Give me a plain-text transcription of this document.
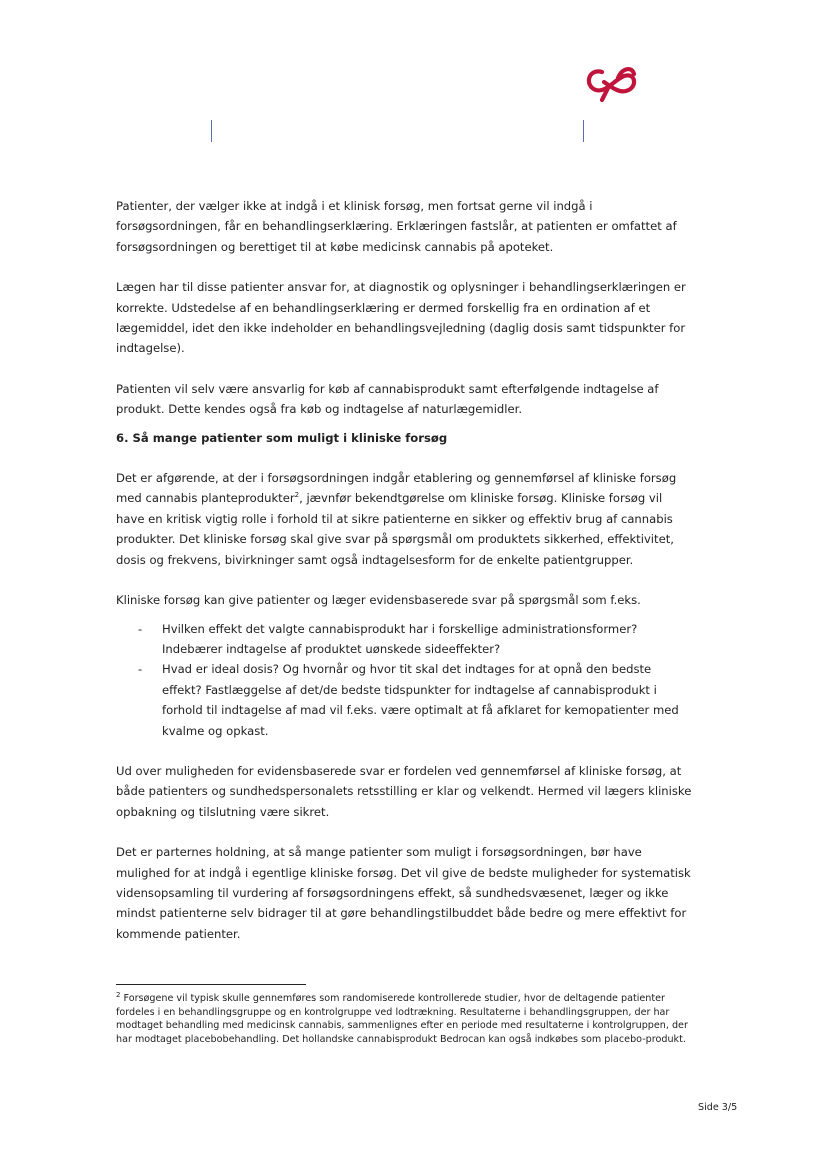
Patienter, der vælger ikke at indgå i et klinisk forsøg, men fortsat gerne vil indgå i forsøgsordningen, får en behandlingserklæring. Erklæringen fastslår, at patienten er omfattet af forsøgsordningen og berettiget til at købe medicinsk cannabis på apoteket.

Lægen har til disse patienter ansvar for, at diagnostik og oplysninger i behandlingserklæringen er korrekte. Udstedelse af en behandlingserklæring er dermed forskellig fra en ordination af et lægemiddel, idet den ikke indeholder en behandlingsvejledning (daglig dosis samt tidspunkter for indtagelse).

Patienten vil selv være ansvarlig for køb af cannabisprodukt samt efterfølgende indtagelse af produkt. Dette kendes også fra køb og indtagelse af naturlægemidler.

6. Så mange patienter som muligt i kliniske forsøg

Det er afgørende, at der i forsøgsordningen indgår etablering og gennemførsel af kliniske forsøg med cannabis planteprodukter$^2$, jævnfør bekendtgørelse om kliniske forsøg. Kliniske forsøg vil have en kritisk vigtig rolle i forhold til at sikre patienterne en sikker og effektiv brug af cannabis produkter. Det kliniske forsøg skal give svar på spørgsmål om produktets sikkerhed, effektivitet, dosis og frekvens, bivirkninger samt også indtagelsesform for de enkelte patientgrupper.

Kliniske forsøg kan give patienter og læger evidensbaserede svar på spørgsmål som f.eks.

- Hvilken effekt det valgte cannabisprodukt har i forskellige administrationsformer? Indebærer indtagelse af produktet uønskede sideeffekter?
- Hvad er ideal dosis? Og hvornår og hvor tit skal det indtages for at opnå den bedste effekt? Fastlæggelse af det/de bedste tidspunkter for indtagelse af cannabisprodukt i forhold til indtagelse af mad vil f.eks. være optimalt at få afklaret for kemopatienter med kvalme og opkast.

Ud over muligheden for evidensbaserede svar er fordelen ved gennemførsel af kliniske forsøg, at både patienters og sundhedspersonalets retsstilling er klar og velkendt. Hermed vil lægers kliniske opbakning og tilslutning være sikret.

Det er parternes holdning, at så mange patienter som muligt i forsøgsordningen, bør have mulighed for at indgå i egentlige kliniske forsøg. Det vil give de bedste muligheder for systematisk vidensopsamling til vurdering af forsøgsordningens effekt, så sundhedsvæsenet, læger og ikke mindst patienterne selv bidrager til at gøre behandlingstilbuddet både bedre og mere effektivt for kommende patienter.

$^2$ Forsøgene vil typisk skulle gennemføres som randomiserede kontrollerede studier, hvor de deltagende patienter fordeles i en behandlingsgruppe og en kontrolgruppe ved lodtrækning. Resultaterne i behandlingsgruppen, der har modtaget behandling med medicinsk cannabis, sammenlignes efter en periode med resultaterne i kontrolgruppen, der har modtaget placebobehandling. Det hollandske cannabisprodukt Bedrocan kan også indkøbes som placebo-produkt.
Side 3/5
